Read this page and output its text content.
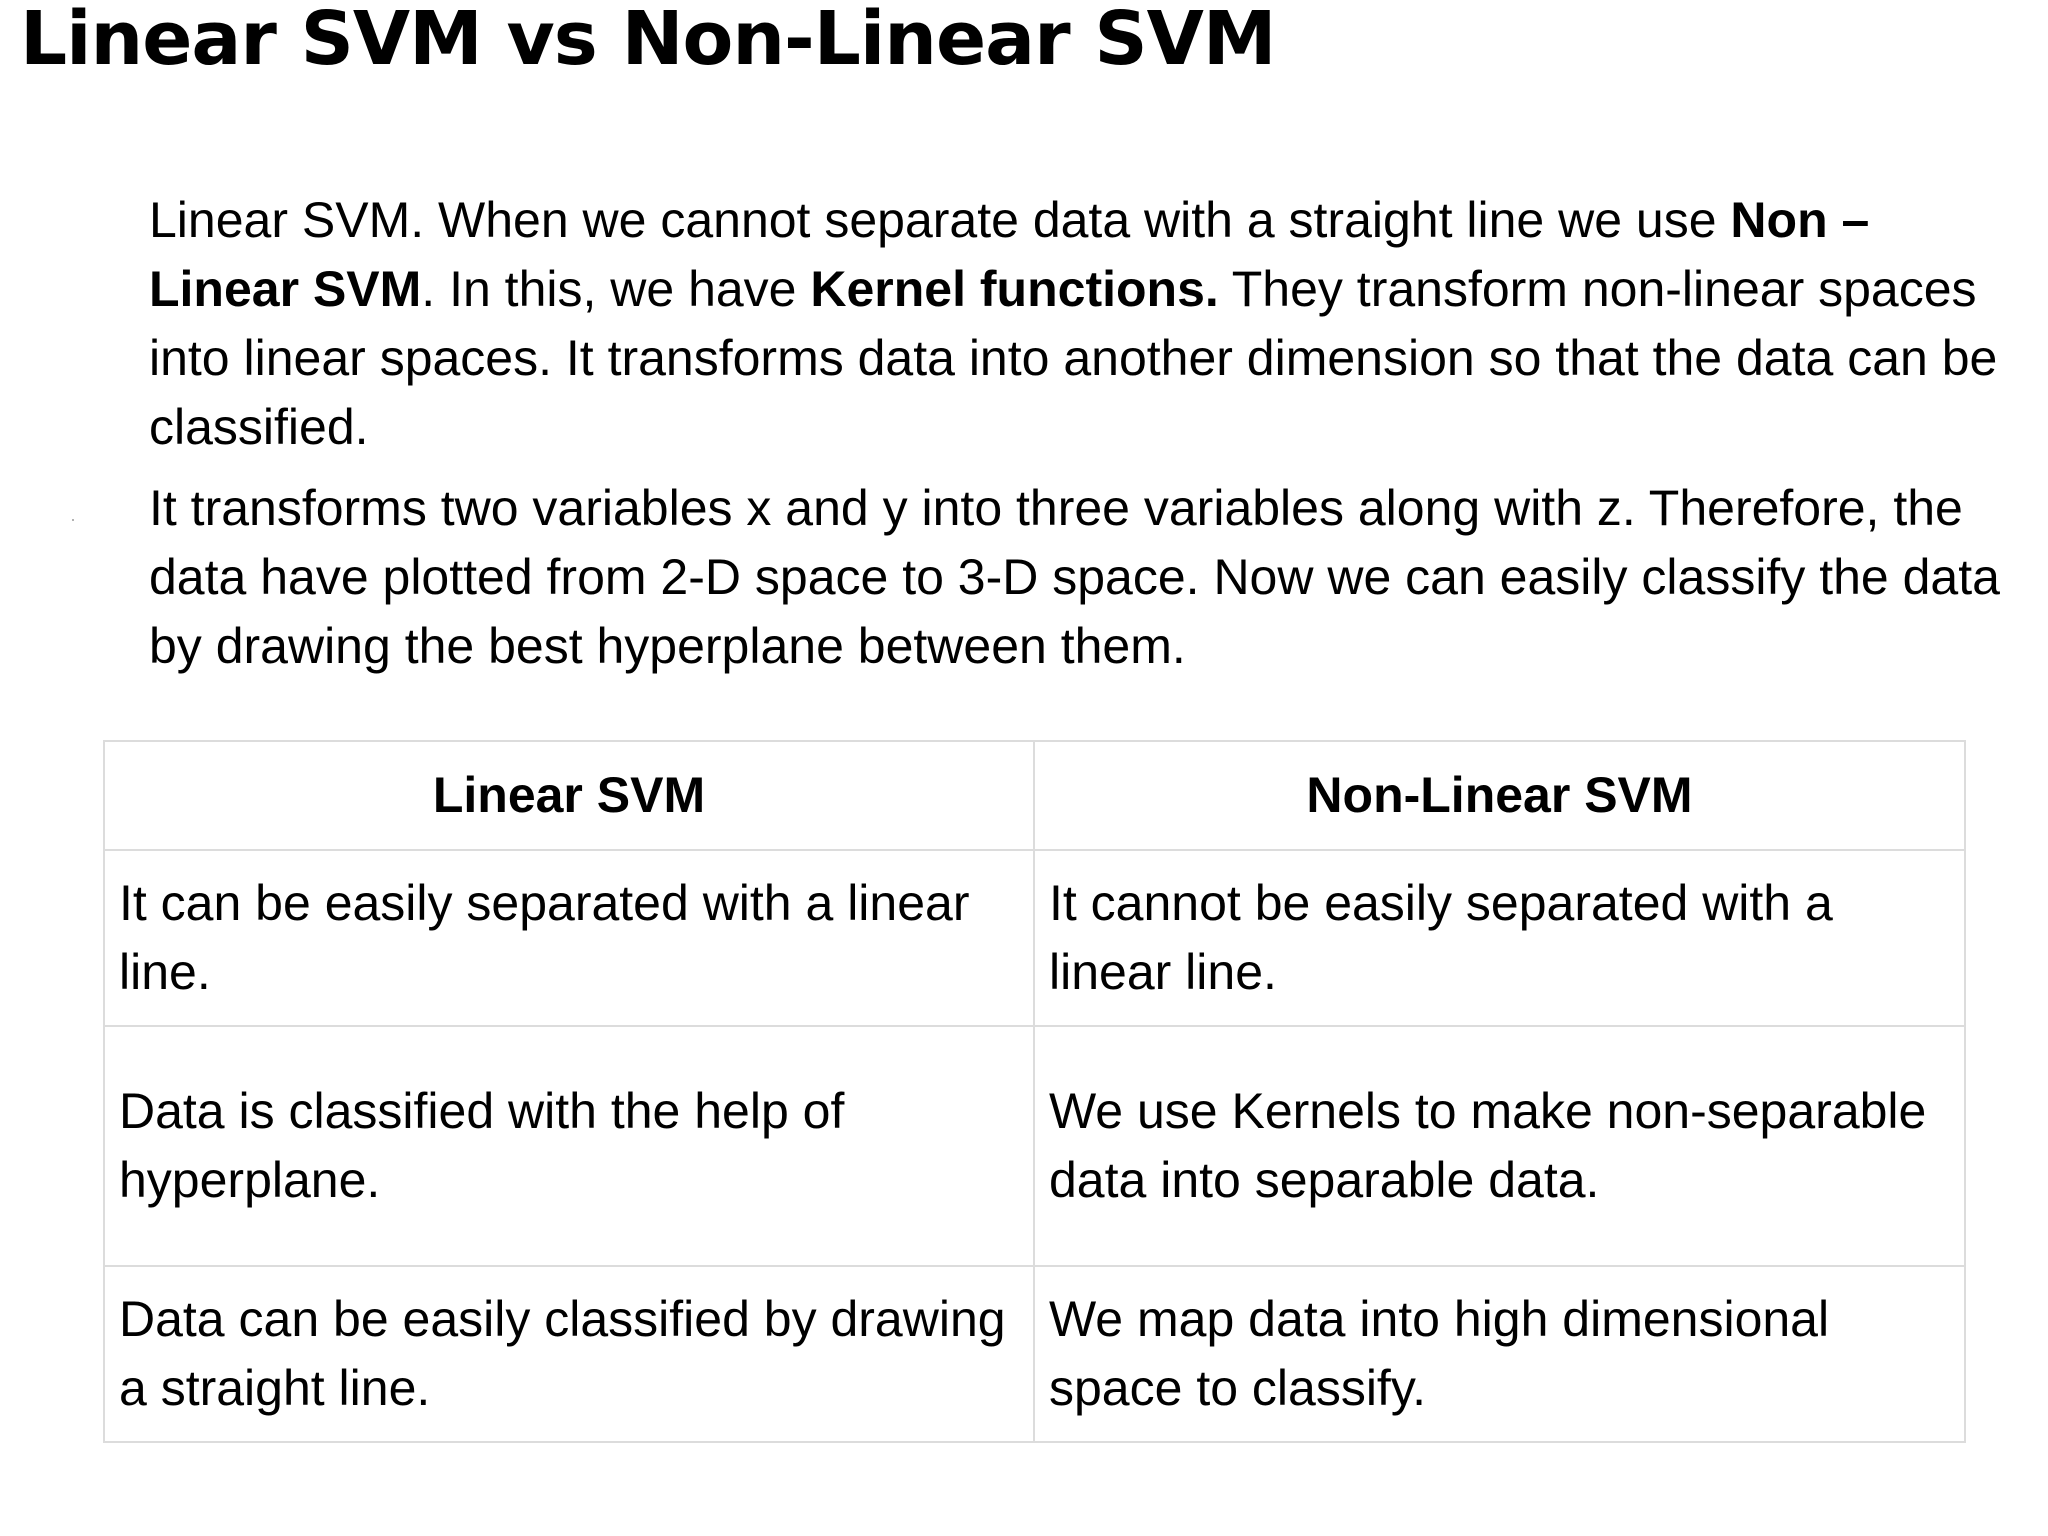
Linear SVM vs Non-Linear SVM

Linear SVM. When we cannot separate data with a straight line we use Non – Linear SVM. In this, we have Kernel functions. They transform non-linear spaces into linear spaces. It transforms data into another dimension so that the data can be classified.

It transforms two variables x and y into three variables along with z. Therefore, the data have plotted from 2-D space to 3-D space. Now we can easily classify the data by drawing the best hyperplane between them.

Linear SVM	Non-Linear SVM
It can be easily separated with a linear line.	It cannot be easily separated with a linear line.
Data is classified with the help of hyperplane.	We use Kernels to make non-separable data into separable data.
Data can be easily classified by drawing a straight line.	We map data into high dimensional space to classify.
